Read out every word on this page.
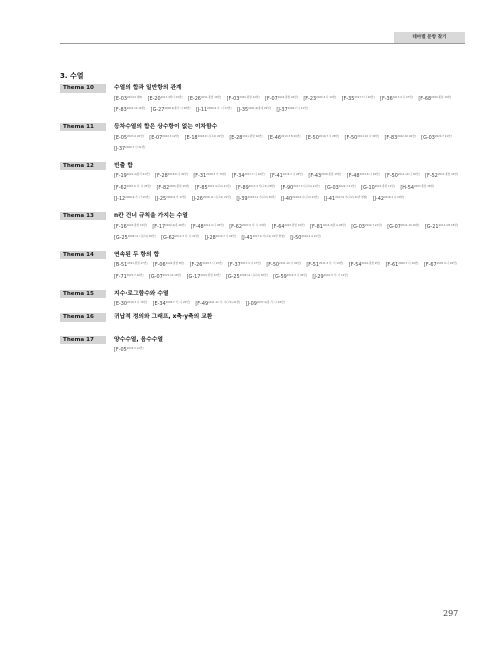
테마별 문항 찾기
3. 수열
Thema 10	수열의 합과 일반항의 관계
[$E-03^{2024.5 제8]}$ [$E-20^{2017.4학나 15번]}$ [$E-26^{2011.종합 10번]}$ [$F-03^{2025.종합 12번]}$ [$F-07^{2024.종합 24번]}$ [$F-23^{2020.3 나 10번]}$ [$F-35^{2017.7 나 26번]}$ [$F-36^{2017.4 나 27번]}$ [$F-68^{2020.종합 10번]}$ [$F-83^{2022.10 16번]}$ [$G-27^{2008.4(종가 나 28번]}$ [$J-11^{2006.6 가, 나 17번]}$ [$J-35^{2021.4(종내 29번]}$ [$J-37^{2009.7 나 21번]}$
Thema 11	등차수열의 합은 상수항이 없는 이차함수
[$E-05^{2023.4 20번]}$ [$E-07^{2022.3 12번]}$ [$E-18^{2018.6 나(고2) 20번]}$ [$E-28^{2011.종합 16번]}$ [$E-46^{2013.3 B 20번]}$ [$E-50^{2019.7 나 28번]}$ [$F-50^{2011.10 나 30번]}$ [$F-83^{2022.10 16번]}$ [$G-03^{2022.7 21번]}$ [$J-37^{2020.7 나 21번]}$
Thema 12	빈출 합
[$F-19^{2021.4(종가 21번]}$ [$F-28^{2018.6 나 30번]}$ [$F-31^{2018.3 가 15번]}$ [$F-34^{2017.7 나 16번]}$ [$F-41^{2016.7 나 28번]}$ [$F-43^{2016.종합 15번]}$ [$F-48^{2012.6 나 29번]}$ [$F-50^{2011.10 나 30번]}$ [$F-52^{2011.종합 24번]}$ [$F-62^{2007.6 가, 나 25번]}$ [$F-82^{2025.종합 25번]}$ [$F-85^{2021.3(고2) 21번]}$ [$F-89^{2017.3 가(고2) 28번]}$ [$F-90^{2017.3 나(고2) 21번]}$ [$G-03^{2022.7 21번]}$ [$G-10^{2021.종합 11번]}$ [$H-54^{2023.종합 16번]}$ [$J-12^{2006.6 가, 나 15번]}$ [$J-25^{2008.6 가 17번]}$ [$J-26^{2008.11 나(고2) 21번]}$ [$J-39^{2018.11 가(고2) 30번]}$ [$J-40^{2018.6 나(고2) 21번]}$ [$J-41^{2017.6 가(고2) 21번 변형]}$ [$J-42^{2016.4 나 29번]}$
Thema 13	n칸 건너 규칙을 가지는 수열
[$F-16^{2022.종합 10번]}$ [$F-17^{2022.4(종 28번]}$ [$F-48^{2012.4 나 28번]}$ [$F-62^{2007.6 가, 나 24번]}$ [$F-64^{2007.종합 15번]}$ [$F-81^{2014.4(종 A 28번]}$ [$G-03^{2022.7 21번]}$ [$G-07^{2021.10 16번]}$ [$G-21^{2014.4 B 18번]}$ [$G-25^{2008.11 나(고2) 30번]}$ [$G-62^{2011.3 가, 나 21번]}$ [$J-28^{2010.7 나 29번]}$ [$J-41^{2017.6 가(고2) 21번 변형]}$ [$J-50^{2016.4 A 21번]}$
Thema 14	연속된 두 항의 합
[$B-51^{2021.종합 17번]}$ [$F-06^{2024.종합 8번]}$ [$F-26^{2018.7 나 15번]}$ [$F-37^{2017.3 나 27번]}$ [$F-50^{2011.10 나 30번]}$ [$F-51^{2011.3 가, 나 19번]}$ [$F-54^{2010.종합 9번]}$ [$F-61^{2006.7 나 29번]}$ [$F-67^{2005.4 나 28번]}$ [$F-71^{2021.7 16번]}$ [$G-07^{2021.10 16번]}$ [$G-17^{2015.종합 22번]}$ [$G-25^{2008.11 나(고2) 30번]}$ [$G-59^{2012.3 나 30번]}$ [$J-29^{2010.3 가, 나 12번]}$
Thema 15	지수·로그함수와 수열
[$E-30^{2010.3 나 15번]}$ [$E-34^{2006.7 가, 나 25번]}$ [$F-49^{2011.11 가, 나(고2) 21번]}$ [$J-09^{2007.4(종 가, 나 28번]}$
Thema 16	귀납적 정의와 그래프, x축·y축의 교환
Thema 17	양수수열, 음수수열
[$F-05^{2024.3 11번]}$
297
